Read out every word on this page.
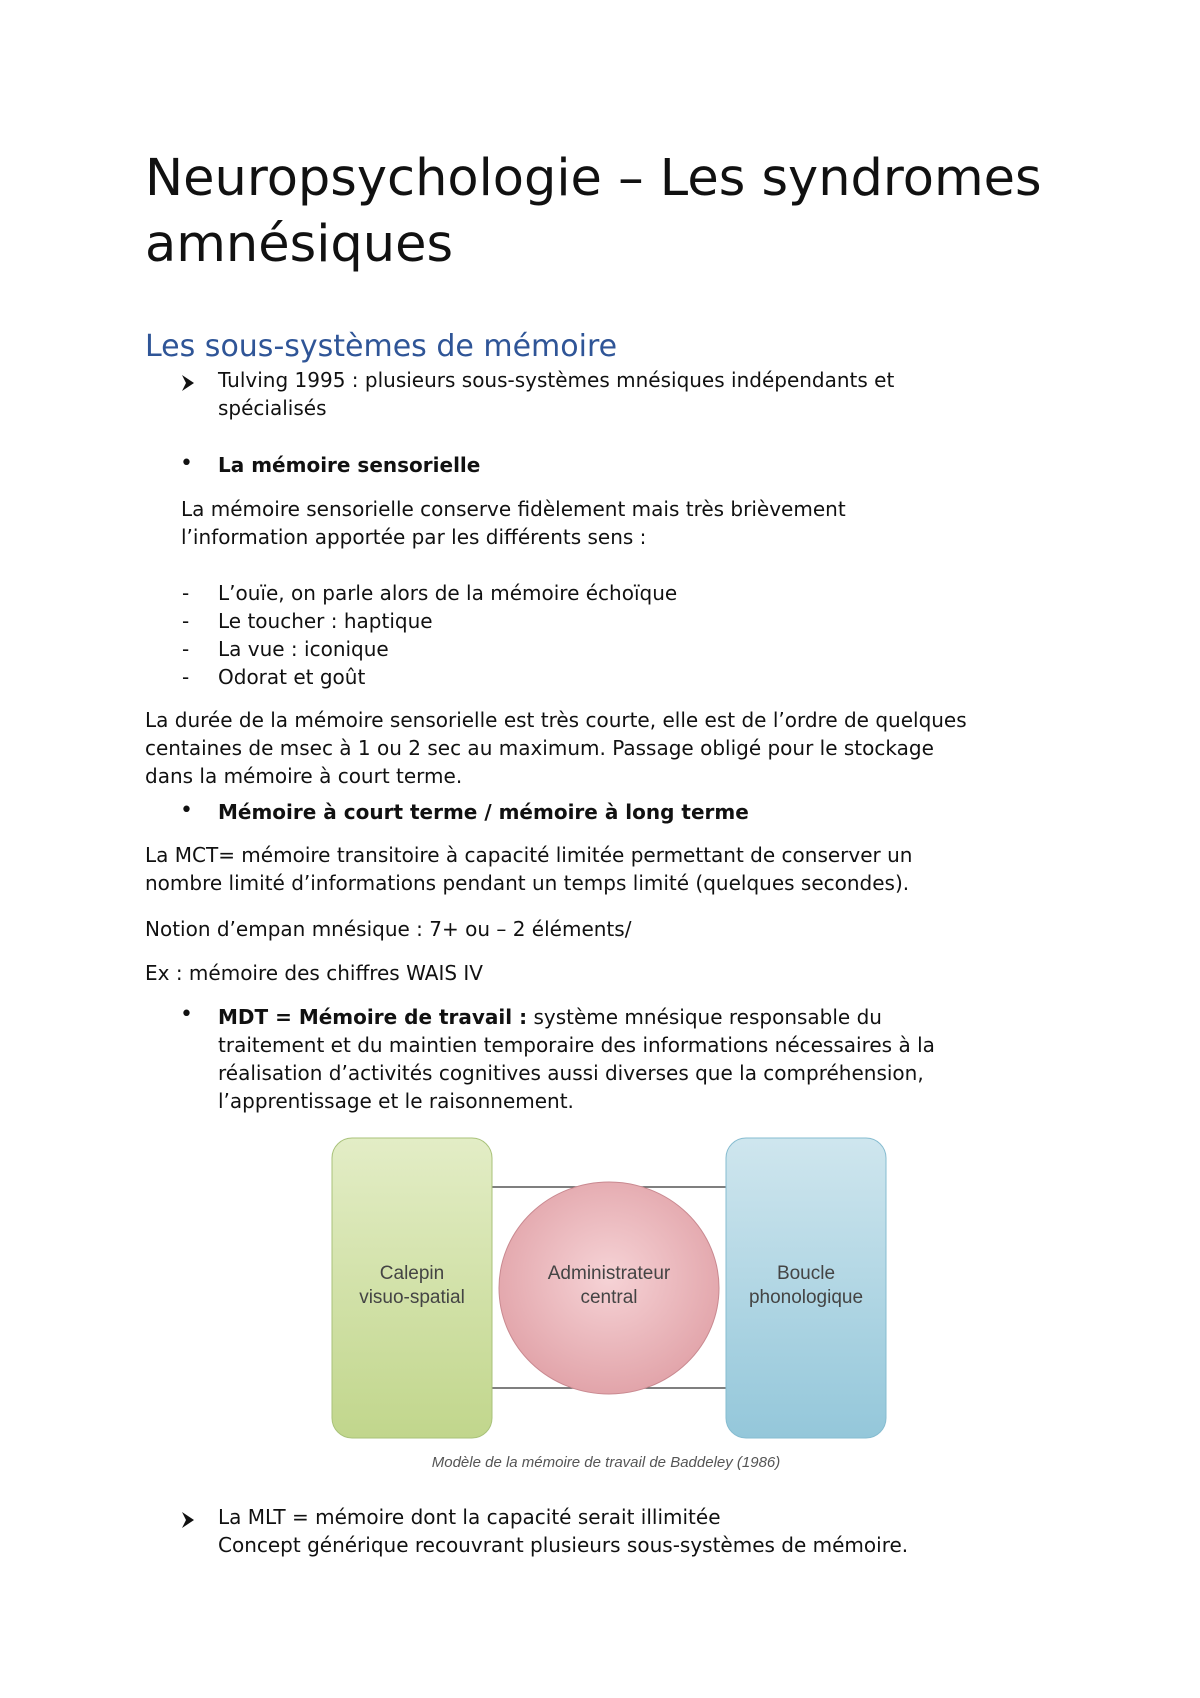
Neuropsychologie – Les syndromes amnésiques
Les sous-systèmes de mémoire

Tulving 1995 : plusieurs sous-systèmes mnésiques indépendants et

spécialisés

• La mémoire sensorielle

La mémoire sensorielle conserve fidèlement mais très brièvement

l’information apportée par les différents sens :

- L’ouïe, on parle alors de la mémoire échoïque

- Le toucher : haptique

- La vue : iconique

- Odorat et goût

La durée de la mémoire sensorielle est très courte, elle est de l’ordre de quelques

centaines de msec à 1 ou 2 sec au maximum. Passage obligé pour le stockage

dans la mémoire à court terme.

• Mémoire à court terme / mémoire à long terme

La MCT= mémoire transitoire à capacité limitée permettant de conserver un

nombre limité d’informations pendant un temps limité (quelques secondes).

Notion d’empan mnésique : 7+ ou – 2 éléments/

Ex : mémoire des chiffres WAIS IV

• MDT = Mémoire de travail : système mnésique responsable du

traitement et du maintien temporaire des informations nécessaires à la

réalisation d’activités cognitives aussi diverses que la compréhension,

l’apprentissage et le raisonnement.

Calepin
visuo-spatial
Administrateur
central
Boucle
phonologique
Modèle de la mémoire de travail de Baddeley (1986)

La MLT = mémoire dont la capacité serait illimitée

Concept générique recouvrant plusieurs sous-systèmes de mémoire.
